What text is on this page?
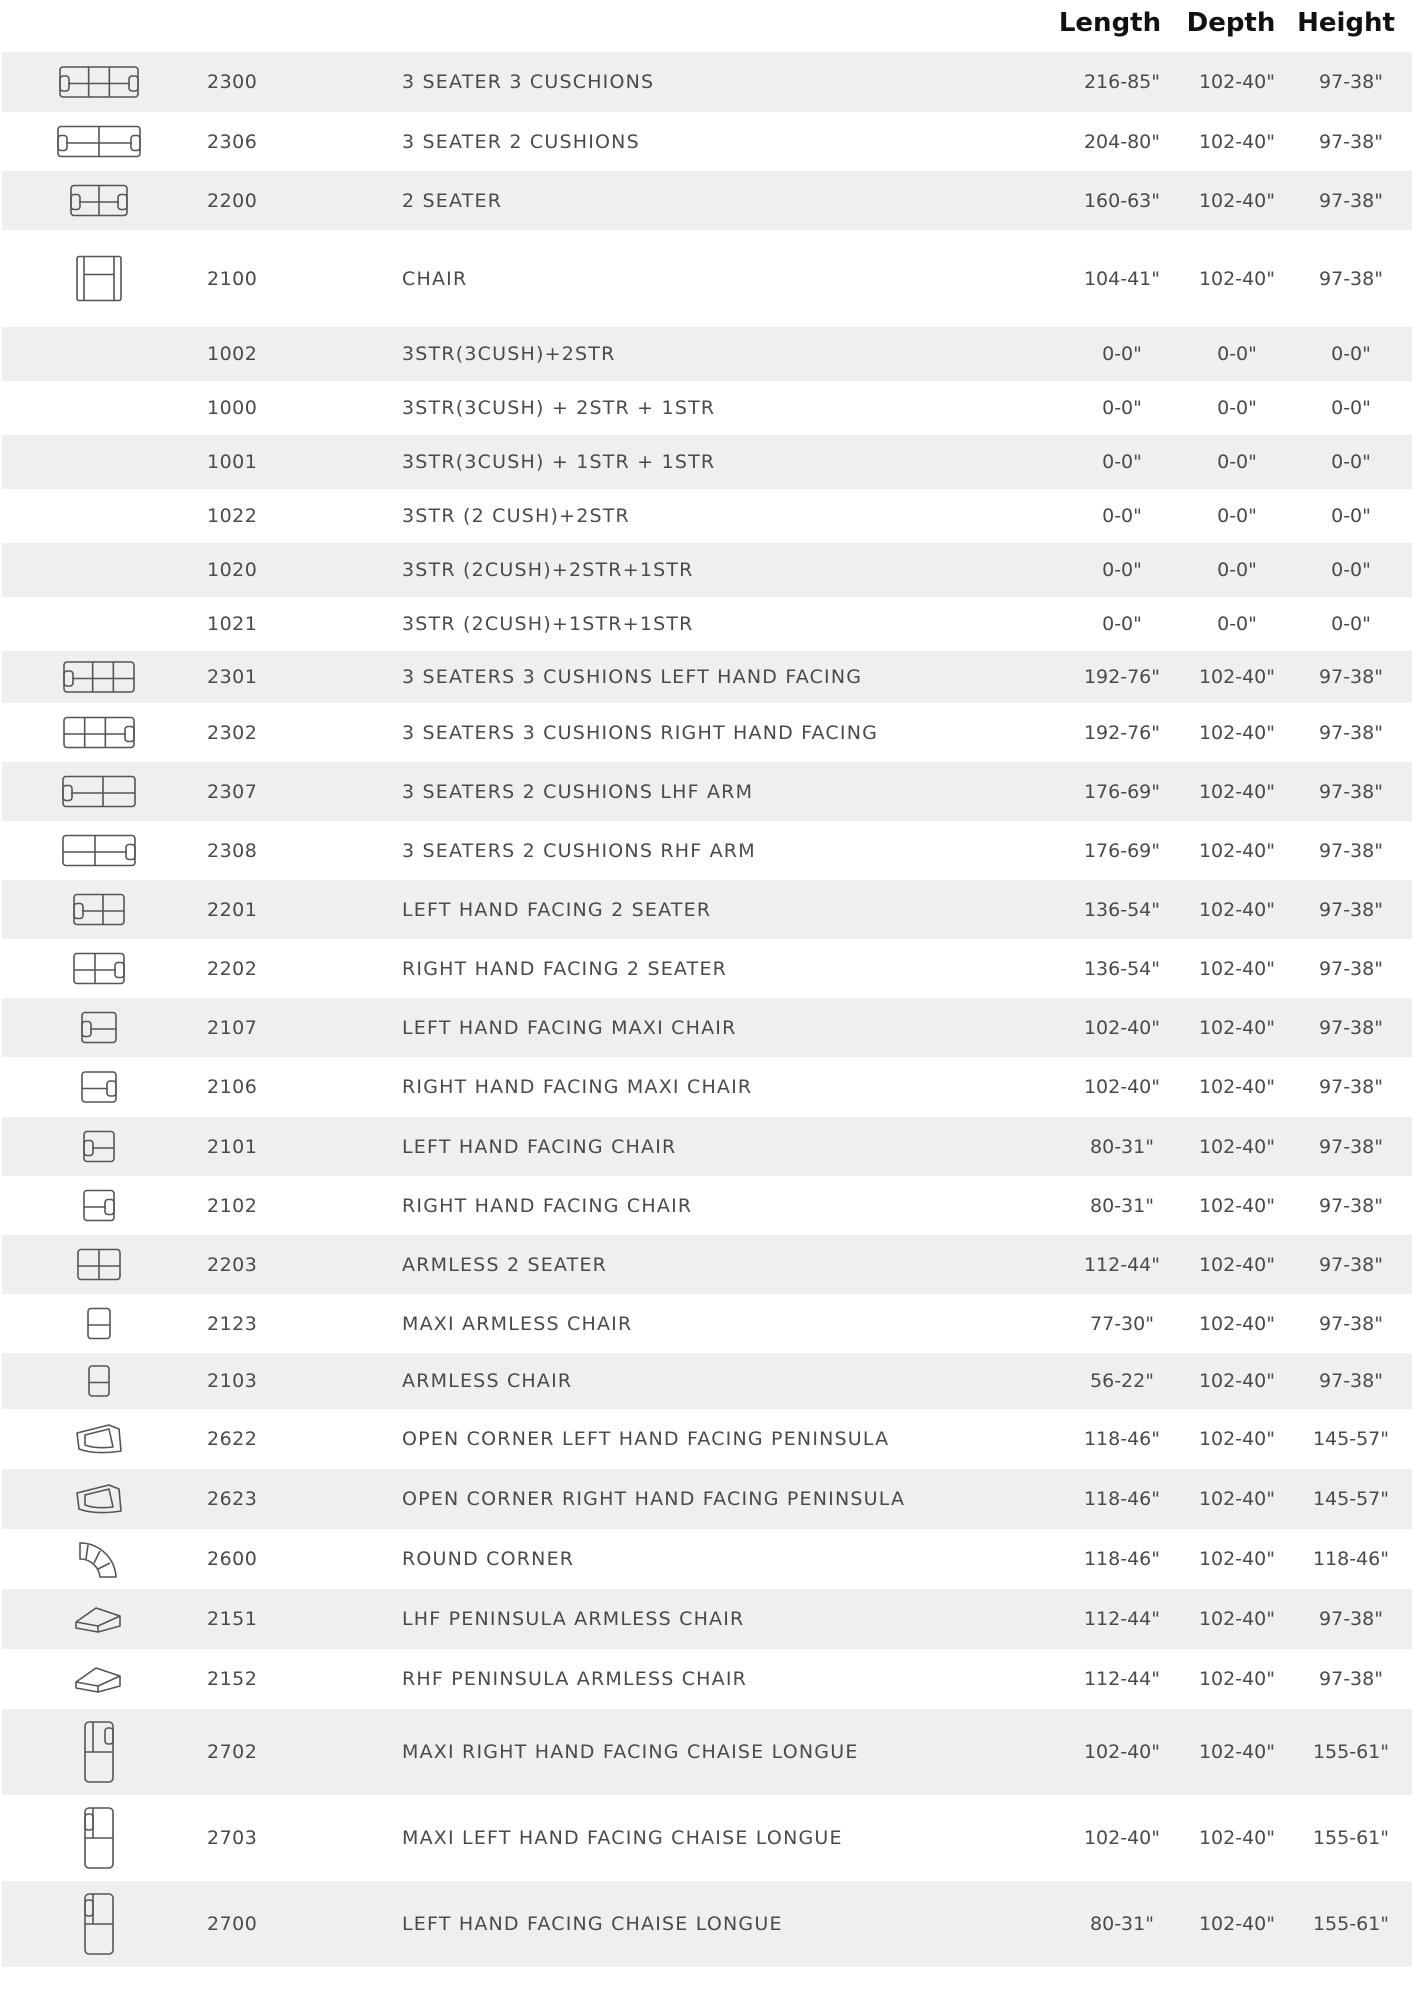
Length Depth Height
2300	3 SEATER 3 CUSCHIONS	216-85"	102-40"	97-38"
2306	3 SEATER 2 CUSHIONS	204-80"	102-40"	97-38"
2200	2 SEATER	160-63"	102-40"	97-38"
2100	CHAIR	104-41"	102-40"	97-38"
1002	3STR(3CUSH)+2STR	0-0"	0-0"	0-0"
1000	3STR(3CUSH) + 2STR + 1STR	0-0"	0-0"	0-0"
1001	3STR(3CUSH) + 1STR + 1STR	0-0"	0-0"	0-0"
1022	3STR (2 CUSH)+2STR	0-0"	0-0"	0-0"
1020	3STR (2CUSH)+2STR+1STR	0-0"	0-0"	0-0"
1021	3STR (2CUSH)+1STR+1STR	0-0"	0-0"	0-0"
2301	3 SEATERS 3 CUSHIONS LEFT HAND FACING	192-76"	102-40"	97-38"
2302	3 SEATERS 3 CUSHIONS RIGHT HAND FACING	192-76"	102-40"	97-38"
2307	3 SEATERS 2 CUSHIONS LHF ARM	176-69"	102-40"	97-38"
2308	3 SEATERS 2 CUSHIONS RHF ARM	176-69"	102-40"	97-38"
2201	LEFT HAND FACING 2 SEATER	136-54"	102-40"	97-38"
2202	RIGHT HAND FACING 2 SEATER	136-54"	102-40"	97-38"
2107	LEFT HAND FACING MAXI CHAIR	102-40"	102-40"	97-38"
2106	RIGHT HAND FACING MAXI CHAIR	102-40"	102-40"	97-38"
2101	LEFT HAND FACING CHAIR	80-31"	102-40"	97-38"
2102	RIGHT HAND FACING CHAIR	80-31"	102-40"	97-38"
2203	ARMLESS 2 SEATER	112-44"	102-40"	97-38"
2123	MAXI ARMLESS CHAIR	77-30"	102-40"	97-38"
2103	ARMLESS CHAIR	56-22"	102-40"	97-38"
2622	OPEN CORNER LEFT HAND FACING PENINSULA	118-46"	102-40"	145-57"
2623	OPEN CORNER RIGHT HAND FACING PENINSULA	118-46"	102-40"	145-57"
2600	ROUND CORNER	118-46"	102-40"	118-46"
2151	LHF PENINSULA ARMLESS CHAIR	112-44"	102-40"	97-38"
2152	RHF PENINSULA ARMLESS CHAIR	112-44"	102-40"	97-38"
2702	MAXI RIGHT HAND FACING CHAISE LONGUE	102-40"	102-40"	155-61"
2703	MAXI LEFT HAND FACING CHAISE LONGUE	102-40"	102-40"	155-61"
2700	LEFT HAND FACING CHAISE LONGUE	80-31"	102-40"	155-61"
